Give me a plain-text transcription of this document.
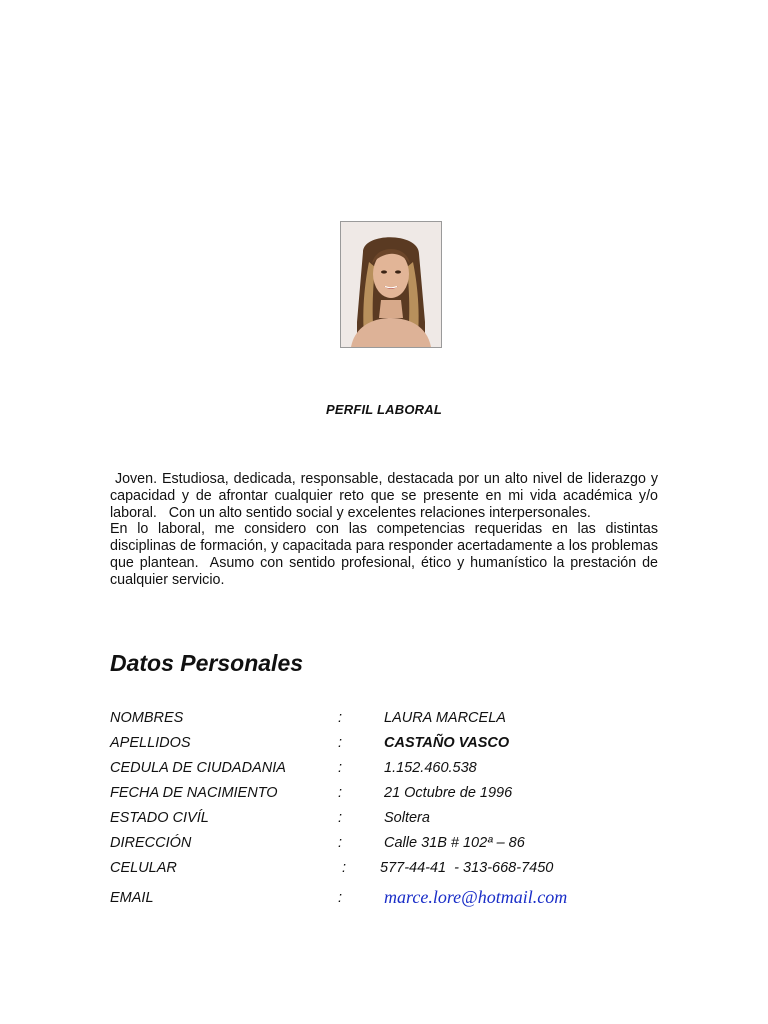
PERFIL LABORAL

Joven. Estudiosa, dedicada, responsable, destacada por un alto nivel de liderazgo y capacidad y de afrontar cualquier reto que se presente en mi vida académica y/o laboral.   Con un alto sentido social y excelentes relaciones interpersonales.

En lo laboral, me considero con las competencias requeridas en las distintas disciplinas de formación, y capacitada para responder acertadamente a los problemas que plantean.  Asumo con sentido profesional, ético y humanístico la prestación de cualquier servicio.

Datos Personales
NOMBRES	:	LAURA MARCELA
APELLIDOS	:	CASTAÑO VASCO
CEDULA DE CIUDADANIA	:	1.152.460.538
FECHA DE NACIMIENTO	:	21 Octubre de 1996
ESTADO CIVÍL	:	Soltera
DIRECCIÓN	:	Calle 31B # 102ª – 86
CELULAR	: 577-44-41  - 313-668-7450
EMAIL	: marce.lore@hotmail.com
